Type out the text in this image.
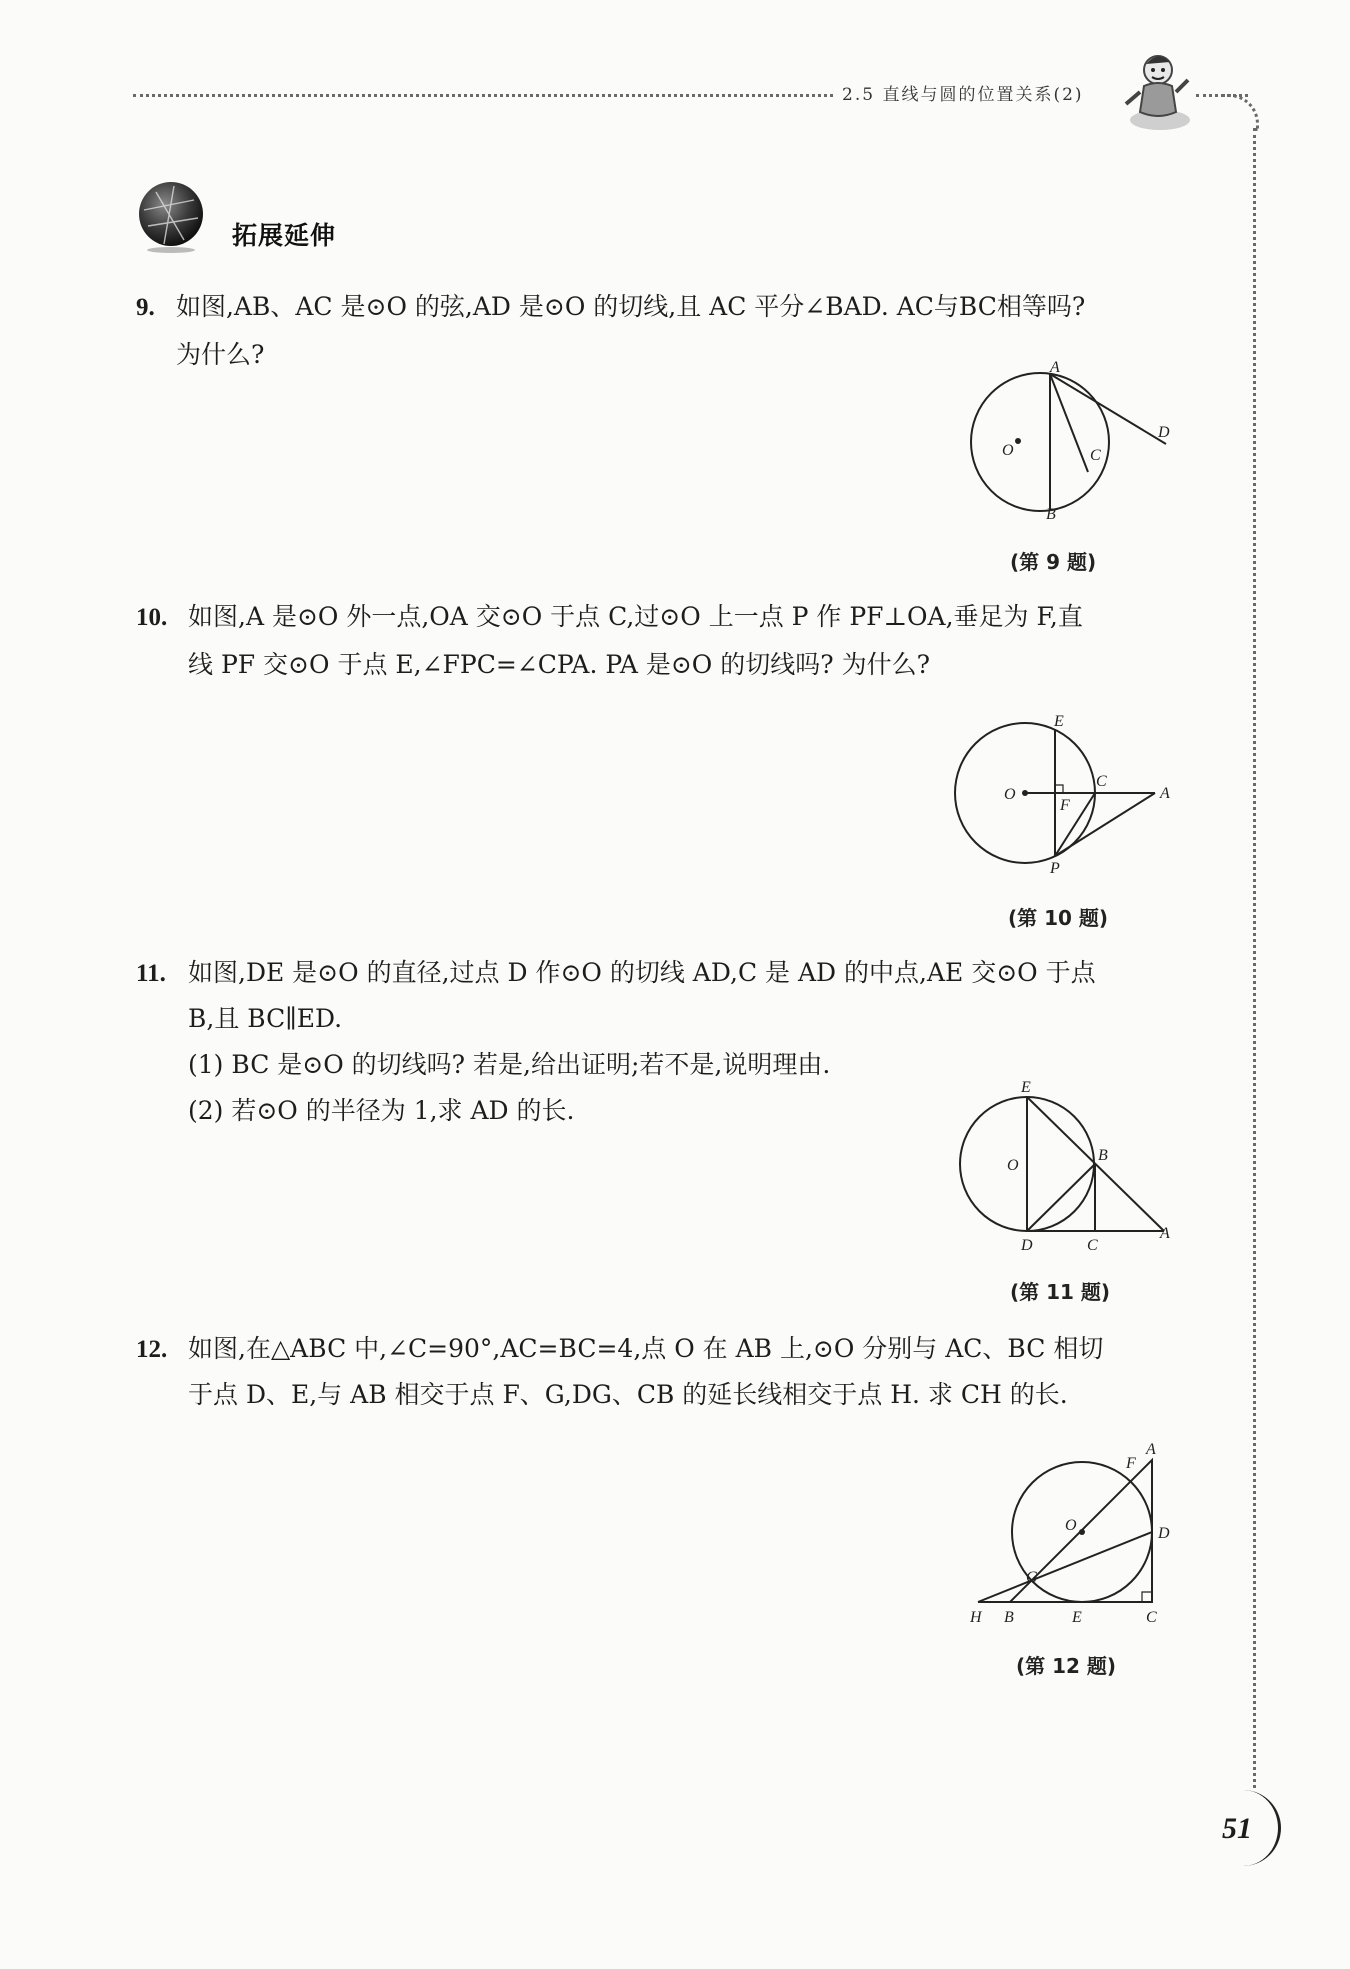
2.5 直线与圆的位置关系(2)
拓展延伸
9. 如图,AB、AC 是⊙O 的弦,AD 是⊙O 的切线,且 AC 平分∠BAD. AC与BC相等吗?
为什么?	A
D
O	C
B
(第 9 题)
10. 如图,A 是⊙O 外一点,OA 交⊙O 于点 C,过⊙O 上一点 P 作 PF⊥OA,垂足为 F,直
线 PF 交⊙O 于点 E,∠FPC=∠CPA. PA 是⊙O 的切线吗? 为什么?
E
O
C
A
F
P
(第 10 题)
11. 如图,DE 是⊙O 的直径,过点 D 作⊙O 的切线 AD,C 是 AD 的中点,AE 交⊙O 于点
B,且 BC∥ED.
(1) BC 是⊙O 的切线吗? 若是,给出证明;若不是,说明理由.
(2) 若⊙O 的半径为 1,求 AD 的长.
E
O
B
D	C
A
(第 11 题)
12. 如图,在△ABC 中,∠C=90°,AC=BC=4,点 O 在 AB 上,⊙O 分别与 AC、BC 相切
于点 D、E,与 AB 相交于点 F、G,DG、CB 的延长线相交于点 H. 求 CH 的长.
A
F
O	D
G
H B	E	C
(第 12 题)
51
